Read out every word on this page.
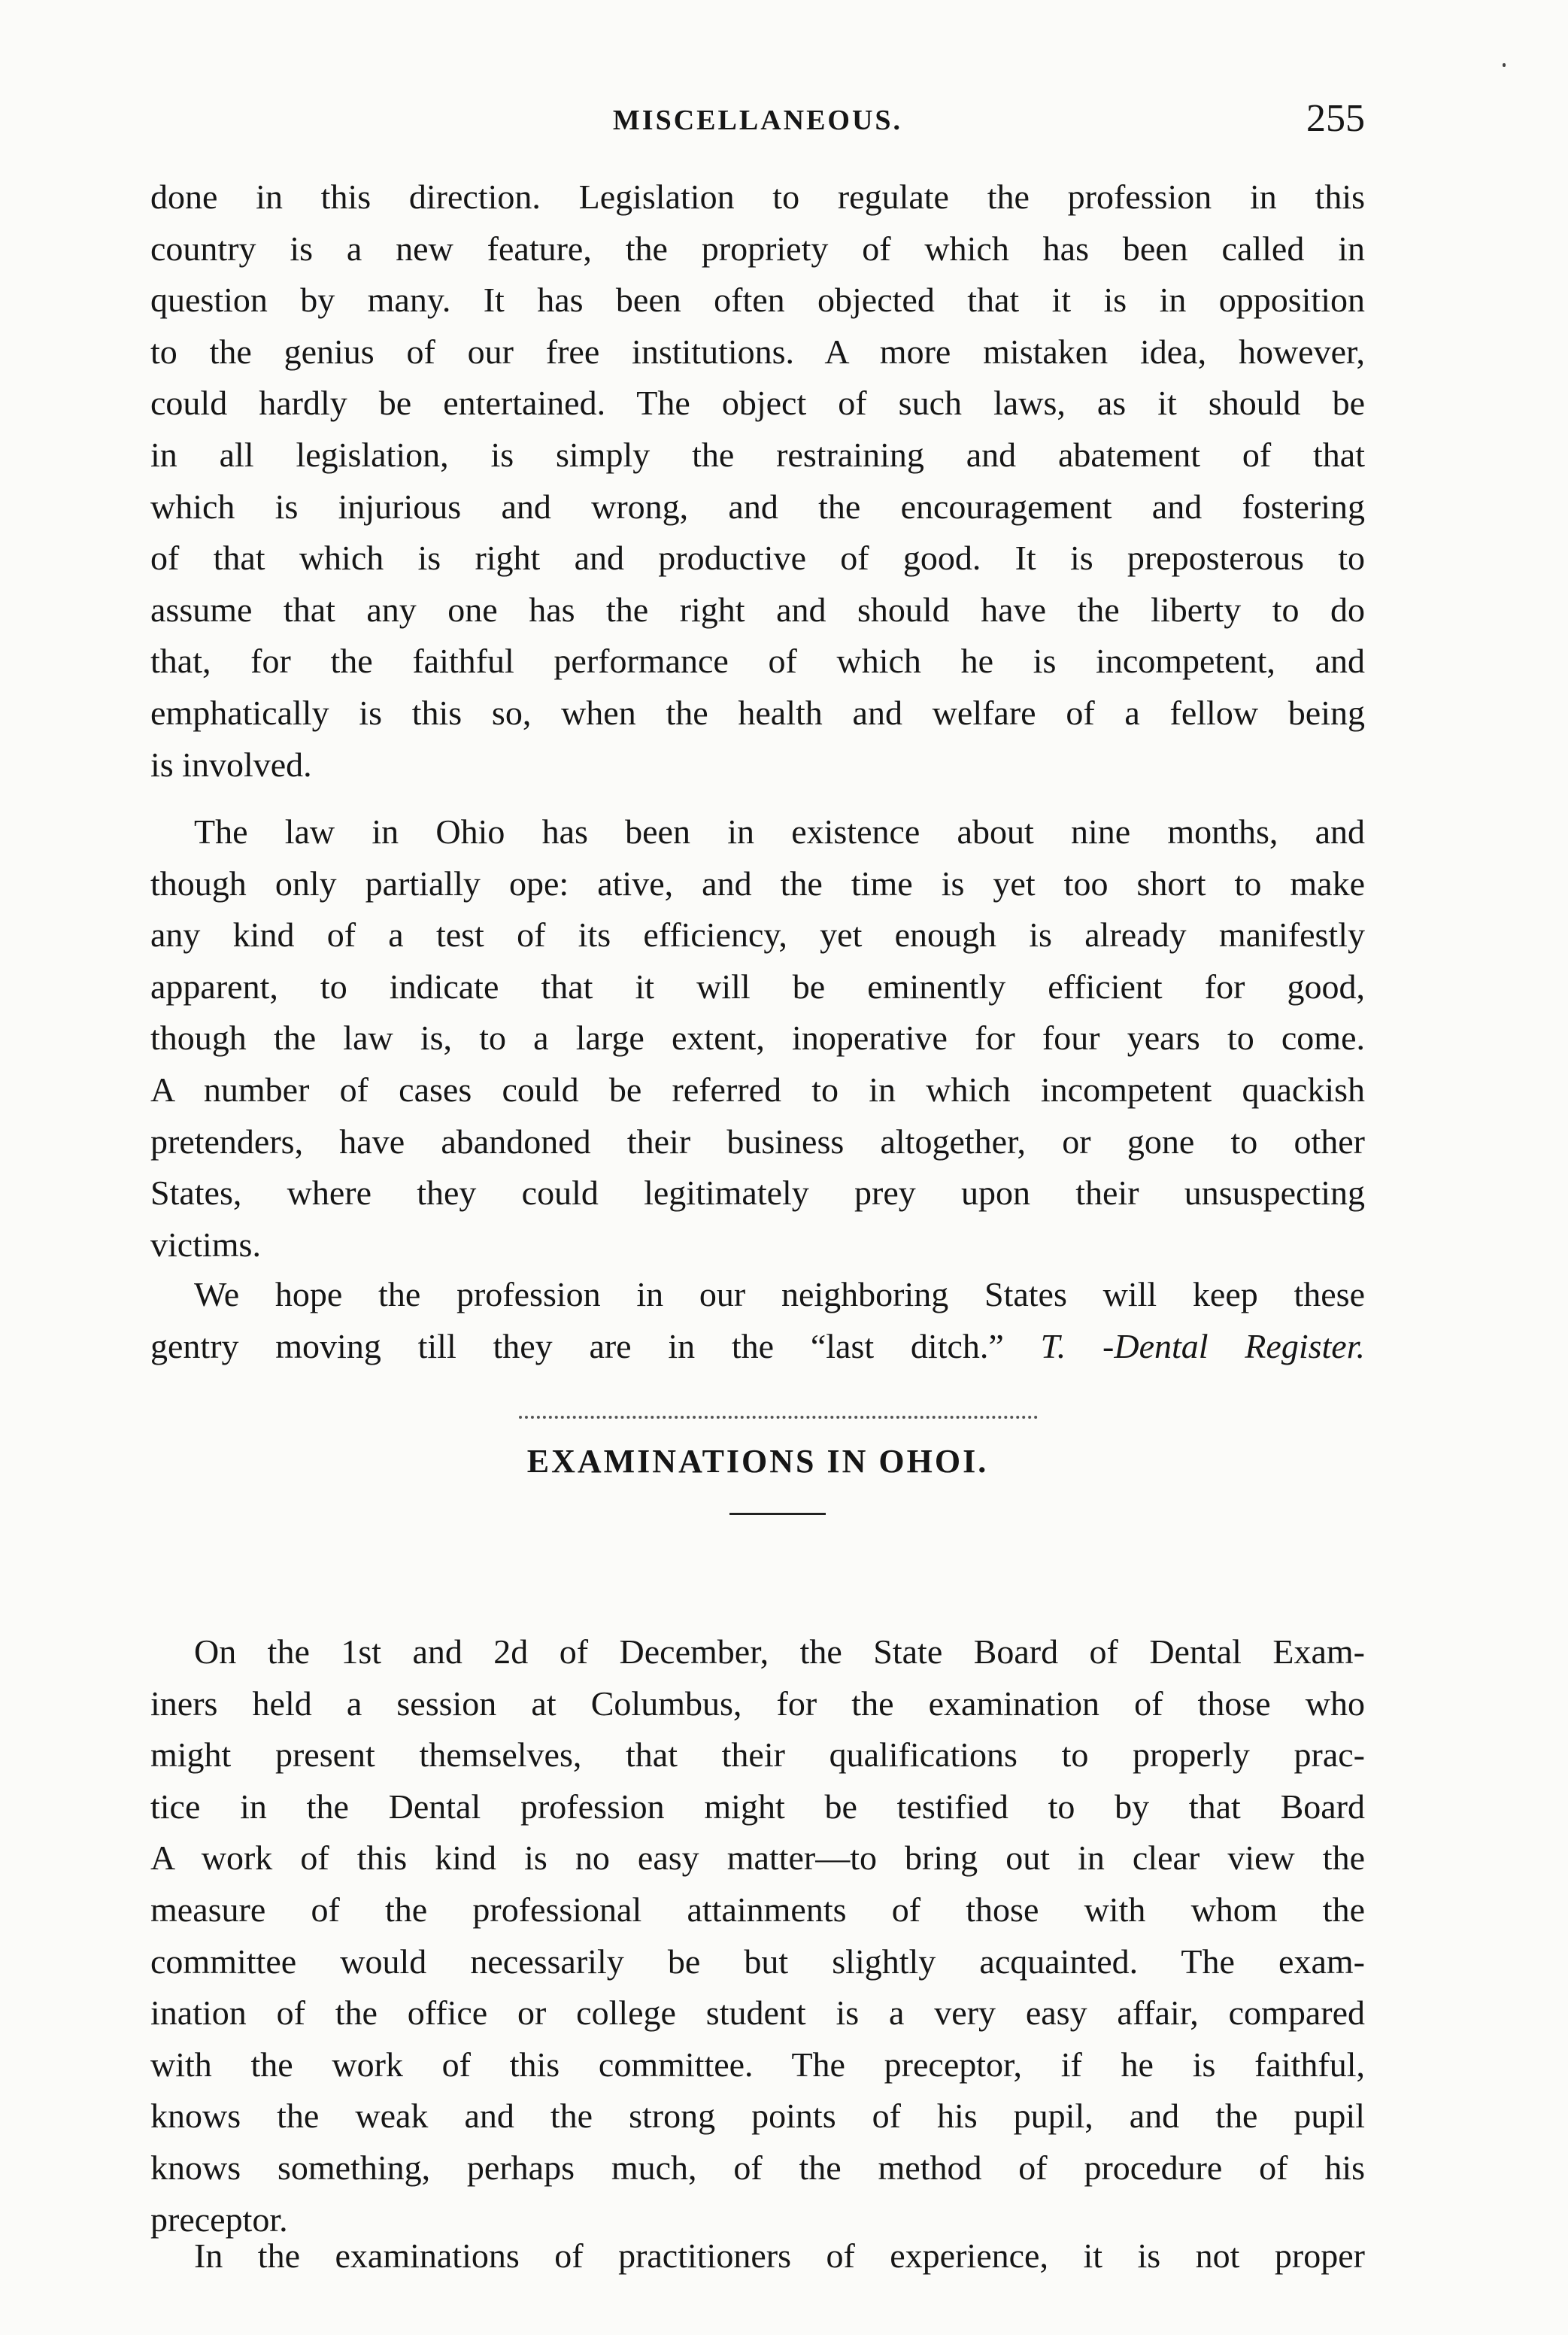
MISCELLANEOUS.	255
done in this direction. Legislation to regulate the profession in this
country is a new feature, the propriety of which has been called in
question by many. It has been often objected that it is in opposition
to the genius of our free institutions. A more mistaken idea, however,
could hardly be entertained. The object of such laws, as it should be
in all legislation, is simply the restraining and abatement of that
which is injurious and wrong, and the encouragement and fostering
of that which is right and productive of good. It is preposterous to
assume that any one has the right and should have the liberty to do
that, for the faithful performance of which he is incompetent, and
emphatically is this so, when the health and welfare of a fellow being
is involved.
The law in Ohio has been in existence about nine months, and
though only partially ope: ative, and the time is yet too short to make
any kind of a test of its efficiency, yet enough is already manifestly
apparent, to indicate that it will be eminently efficient for good,
though the law is, to a large extent, inoperative for four years to come.
A number of cases could be referred to in which incompetent quackish
pretenders, have abandoned their business altogether, or gone to other
States, where they could legitimately prey upon their unsuspecting
victims.
We hope the profession in our neighboring States will keep these
gentry moving till they are in the “last ditch.” T. -Dental Register.
EXAMINATIONS IN OHOI.
On the 1st and 2d of December, the State Board of Dental Exam-
iners held a session at Columbus, for the examination of those who
might present themselves, that their qualifications to properly prac-
tice in the Dental profession might be testified to by that Board
A work of this kind is no easy matter—to bring out in clear view the
measure of the professional attainments of those with whom the
committee would necessarily be but slightly acquainted. The exam-
ination of the office or college student is a very easy affair, compared
with the work of this committee. The preceptor, if he is faithful,
knows the weak and the strong points of his pupil, and the pupil
knows something, perhaps much, of the method of procedure of his
preceptor.
In the examinations of practitioners of experience, it is not proper
